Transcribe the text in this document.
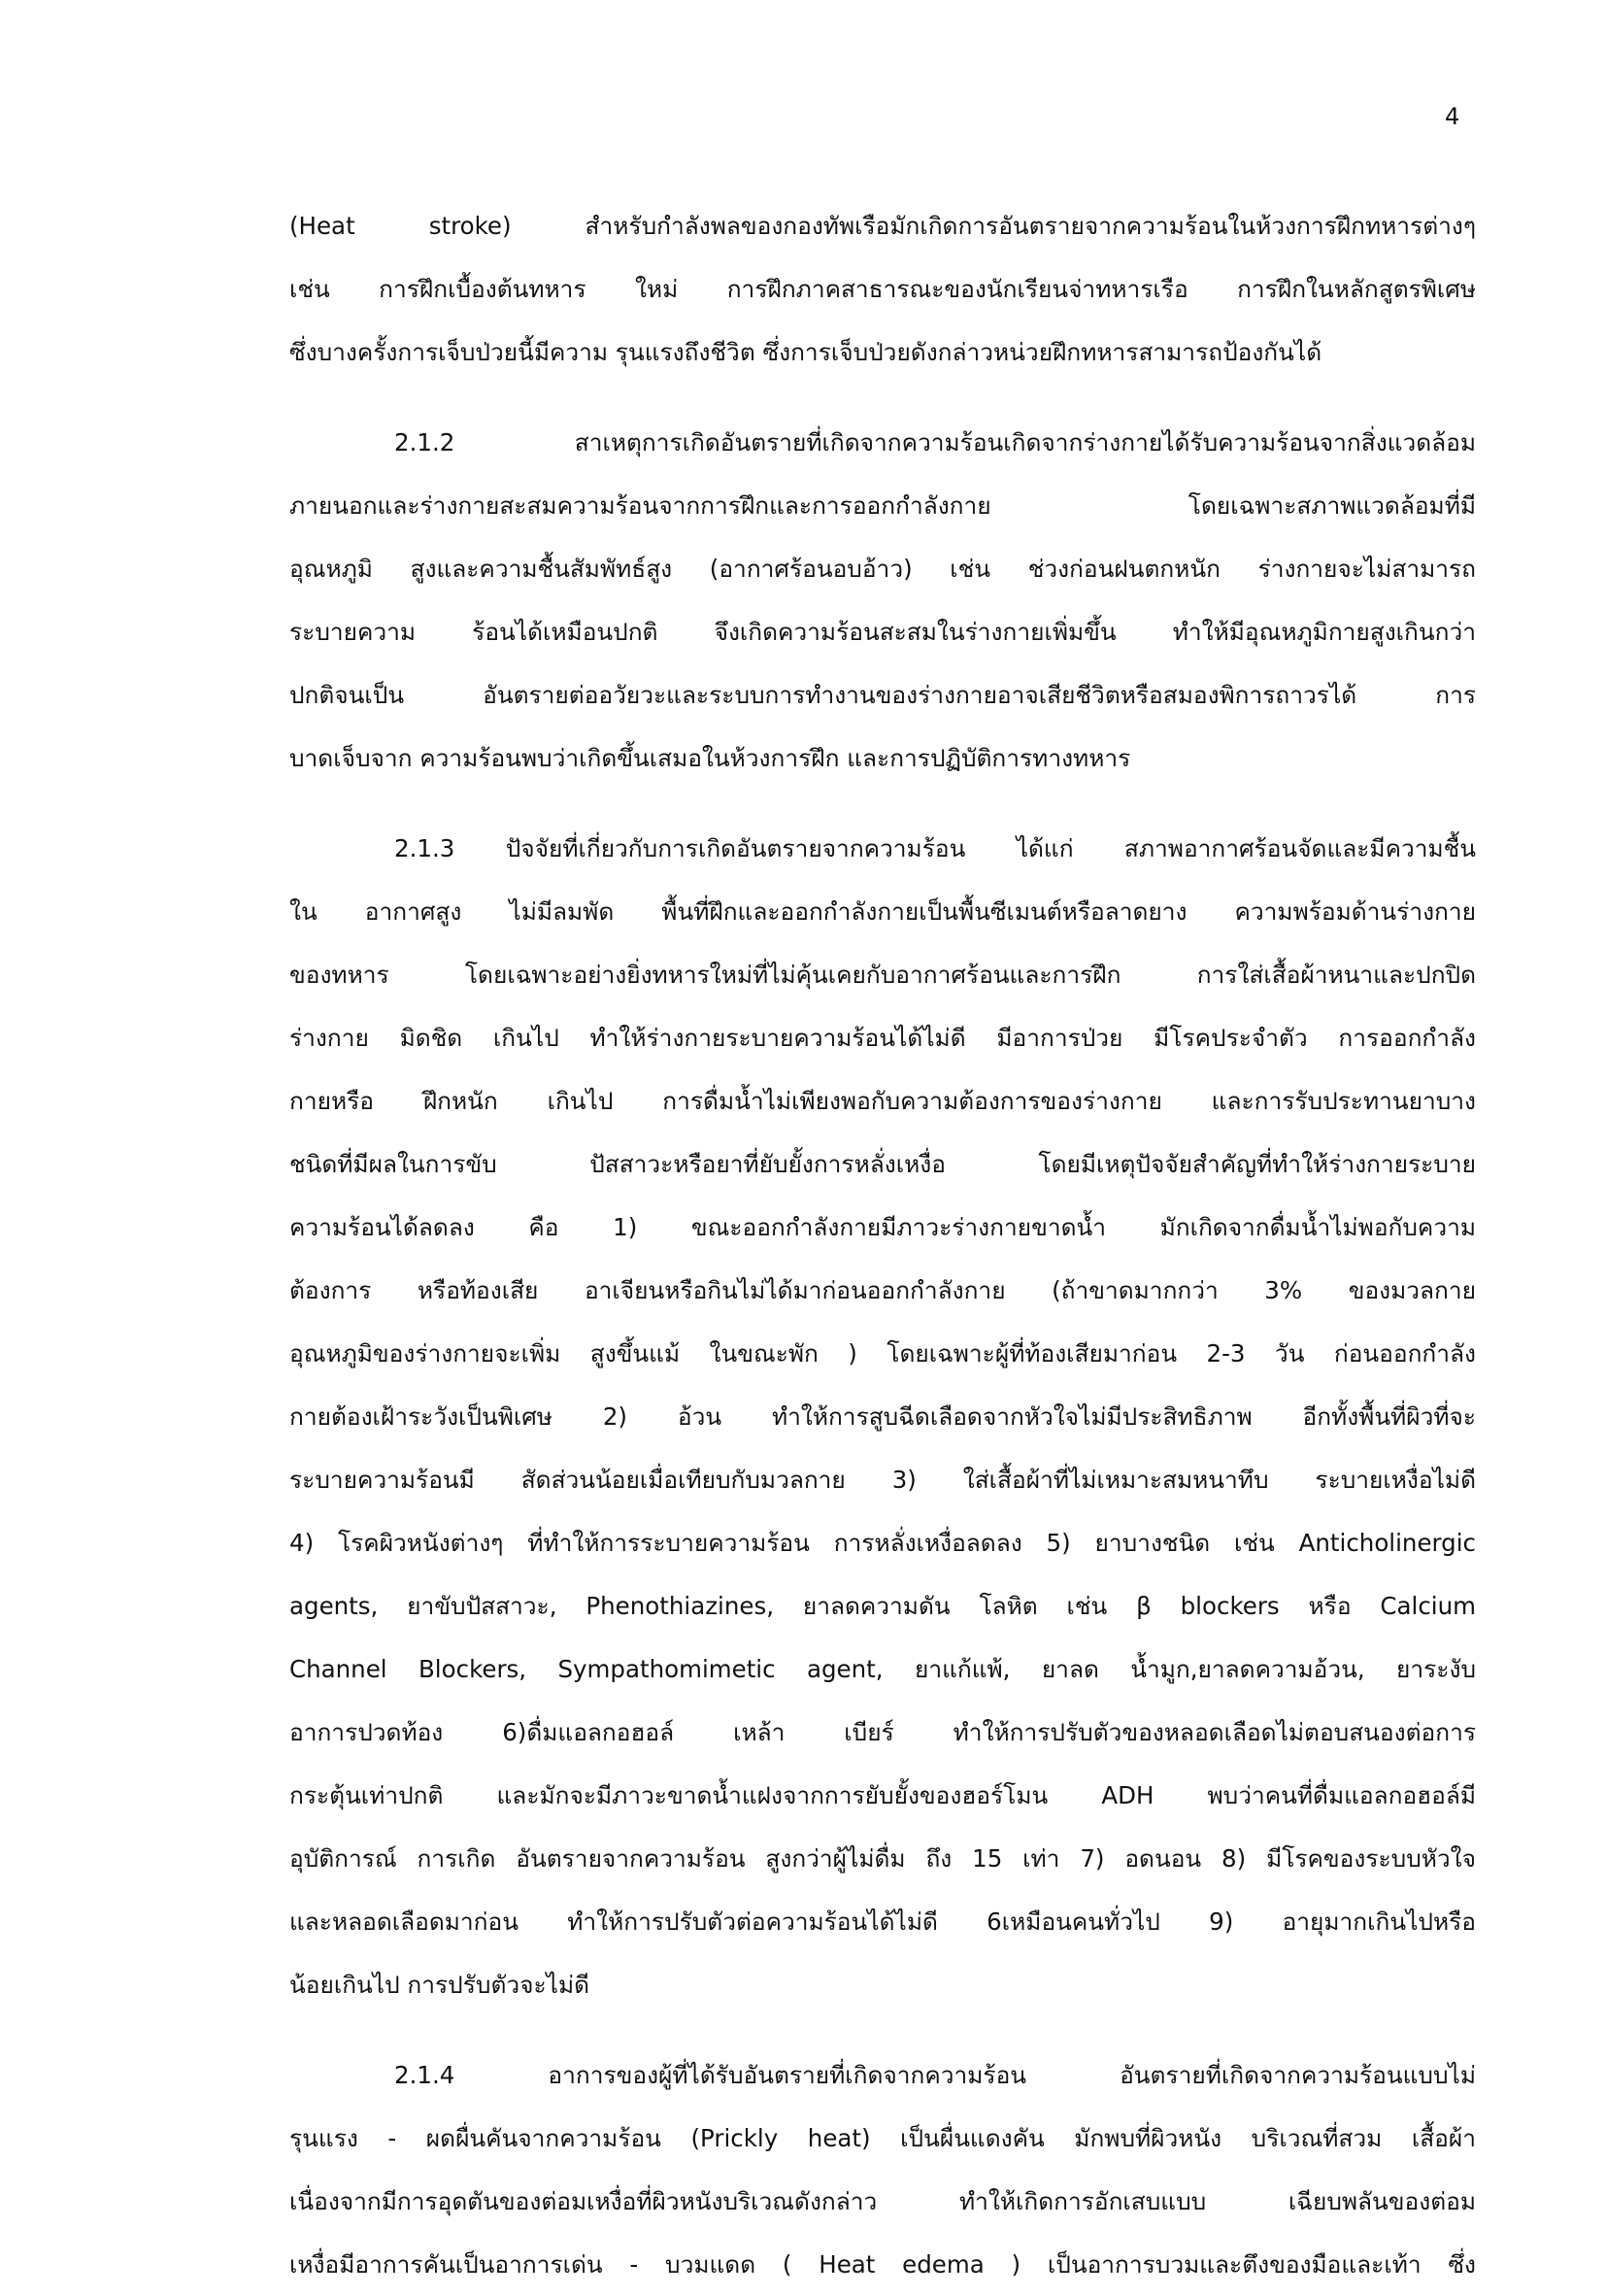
4
(Heat stroke) สำหรับกำลังพลของกองทัพเรือมักเกิดการอันตรายจากความร้อนในห้วงการฝึกทหารต่างๆ
เช่น การฝึกเบื้องต้นทหาร ใหม่ การฝึกภาคสาธารณะของนักเรียนจ่าทหารเรือ การฝึกในหลักสูตรพิเศษ
ซึ่งบางครั้งการเจ็บป่วยนี้มีความ รุนแรงถึงชีวิต ซึ่งการเจ็บป่วยดังกล่าวหน่วยฝึกทหารสามารถป้องกันได้
2.1.2 สาเหตุการเกิดอันตรายที่เกิดจากความร้อนเกิดจากร่างกายได้รับความร้อนจากสิ่งแวดล้อม
ภายนอกและร่างกายสะสมความร้อนจากการฝึกและการออกกำลังกาย โดยเฉพาะสภาพแวดล้อมที่มี
อุณหภูมิ สูงและความชื้นสัมพัทธ์สูง (อากาศร้อนอบอ้าว) เช่น ช่วงก่อนฝนตกหนัก ร่างกายจะไม่สามารถ
ระบายความ ร้อนได้เหมือนปกติ จึงเกิดความร้อนสะสมในร่างกายเพิ่มขึ้น ทำให้มีอุณหภูมิกายสูงเกินกว่า
ปกติจนเป็น อันตรายต่ออวัยวะและระบบการทำงานของร่างกายอาจเสียชีวิตหรือสมองพิการถาวรได้ การ
บาดเจ็บจาก ความร้อนพบว่าเกิดขึ้นเสมอในห้วงการฝึก และการปฏิบัติการทางทหาร
2.1.3 ปัจจัยที่เกี่ยวกับการเกิดอันตรายจากความร้อน ได้แก่ สภาพอากาศร้อนจัดและมีความชื้น
ใน อากาศสูง ไม่มีลมพัด พื้นที่ฝึกและออกกำลังกายเป็นพื้นซีเมนต์หรือลาดยาง ความพร้อมด้านร่างกาย
ของทหาร โดยเฉพาะอย่างยิ่งทหารใหม่ที่ไม่คุ้นเคยกับอากาศร้อนและการฝึก การใส่เสื้อผ้าหนาและปกปิด
ร่างกาย มิดชิด เกินไป ทำให้ร่างกายระบายความร้อนได้ไม่ดี มีอาการป่วย มีโรคประจำตัว การออกกำลัง
กายหรือ ฝึกหนัก เกินไป การดื่มน้ำไม่เพียงพอกับความต้องการของร่างกาย และการรับประทานยาบาง
ชนิดที่มีผลในการขับ ปัสสาวะหรือยาที่ยับยั้งการหลั่งเหงื่อ โดยมีเหตุปัจจัยสำคัญที่ทำให้ร่างกายระบาย
ความร้อนได้ลดลง คือ 1) ขณะออกกำลังกายมีภาวะร่างกายขาดน้ำ มักเกิดจากดื่มน้ำไม่พอกับความ
ต้องการ หรือท้องเสีย อาเจียนหรือกินไม่ได้มาก่อนออกกำลังกาย (ถ้าขาดมากกว่า 3% ของมวลกาย
อุณหภูมิของร่างกายจะเพิ่ม สูงขึ้นแม้ ในขณะพัก ) โดยเฉพาะผู้ที่ท้องเสียมาก่อน 2-3 วัน ก่อนออกกำลัง
กายต้องเฝ้าระวังเป็นพิเศษ 2) อ้วน ทำให้การสูบฉีดเลือดจากหัวใจไม่มีประสิทธิภาพ อีกทั้งพื้นที่ผิวที่จะ
ระบายความร้อนมี สัดส่วนน้อยเมื่อเทียบกับมวลกาย 3) ใส่เสื้อผ้าที่ไม่เหมาะสมหนาทึบ ระบายเหงื่อไม่ดี
4) โรคผิวหนังต่างๆ ที่ทำให้การระบายความร้อน การหลั่งเหงื่อลดลง 5) ยาบางชนิด เช่น Anticholinergic
agents, ยาขับปัสสาวะ, Phenothiazines, ยาลดความดัน โลหิต เช่น β blockers หรือ Calcium
Channel Blockers, Sympathomimetic agent, ยาแก้แพ้, ยาลด น้ำมูก,ยาลดความอ้วน, ยาระงับ
อาการปวดท้อง 6)ดื่มแอลกอฮอล์ เหล้า เบียร์ ทำให้การปรับตัวของหลอดเลือดไม่ตอบสนองต่อการ
กระตุ้นเท่าปกติ และมักจะมีภาวะขาดน้ำแฝงจากการยับยั้งของฮอร์โมน ADH พบว่าคนที่ดื่มแอลกอฮอล์มี
อุบัติการณ์ การเกิด อันตรายจากความร้อน สูงกว่าผู้ไม่ดื่ม ถึง 15 เท่า 7) อดนอน 8) มีโรคของระบบหัวใจ
และหลอดเลือดมาก่อน ทำให้การปรับตัวต่อความร้อนได้ไม่ดี 6เหมือนคนทั่วไป 9) อายุมากเกินไปหรือ
น้อยเกินไป การปรับตัวจะไม่ดี
2.1.4 อาการของผู้ที่ได้รับอันตรายที่เกิดจากความร้อน อันตรายที่เกิดจากความร้อนแบบไม่
รุนแรง - ผดผื่นคันจากความร้อน (Prickly heat) เป็นผื่นแดงคัน มักพบที่ผิวหนัง บริเวณที่สวม เสื้อผ้า
เนื่องจากมีการอุดตันของต่อมเหงื่อที่ผิวหนังบริเวณดังกล่าว ทำให้เกิดการอักเสบแบบ เฉียบพลันของต่อม
เหงื่อมีอาการคันเป็นอาการเด่น - บวมแดด ( Heat edema ) เป็นอาการบวมและตึงของมือและเท้า ซึ่ง
